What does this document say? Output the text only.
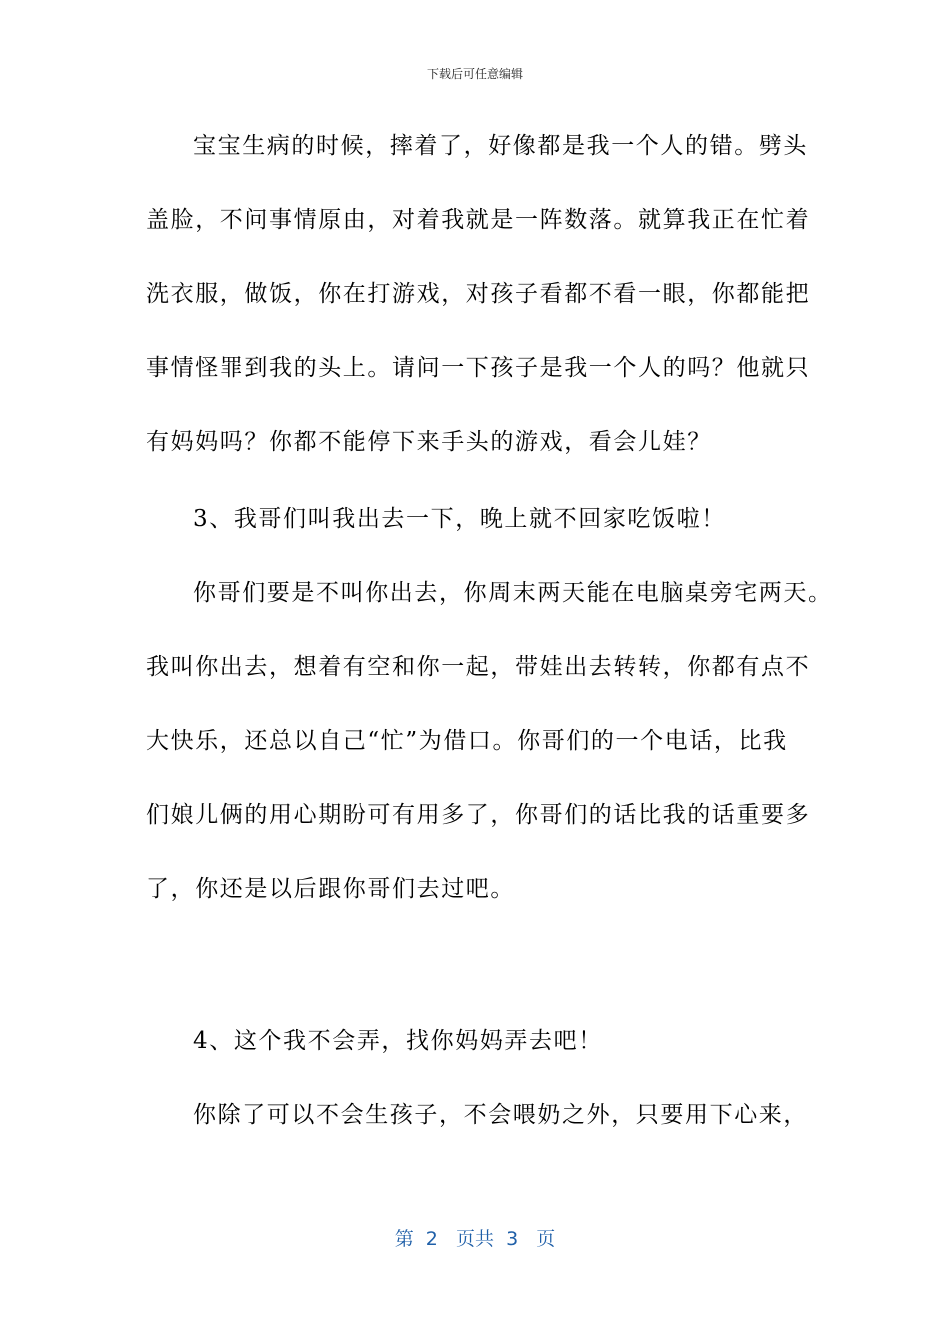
下载后可任意编辑
宝宝生病的时候，摔着了，好像都是我一个人的错。劈头
盖脸，不问事情原由，对着我就是一阵数落。就算我正在忙着
洗衣服，做饭，你在打游戏，对孩子看都不看一眼，你都能把
事情怪罪到我的头上。请问一下孩子是我一个人的吗？他就只
有妈妈吗？你都不能停下来手头的游戏，看会儿娃？
3、我哥们叫我出去一下，晚上就不回家吃饭啦！
你哥们要是不叫你出去，你周末两天能在电脑桌旁宅两天。
我叫你出去，想着有空和你一起，带娃出去转转，你都有点不
大快乐，还总以自己“忙”为借口。你哥们的一个电话，比我
们娘儿俩的用心期盼可有用多了，你哥们的话比我的话重要多
了，你还是以后跟你哥们去过吧。
4、这个我不会弄，找你妈妈弄去吧！
你除了可以不会生孩子，不会喂奶之外，只要用下心来，
第  2   页共  3   页
